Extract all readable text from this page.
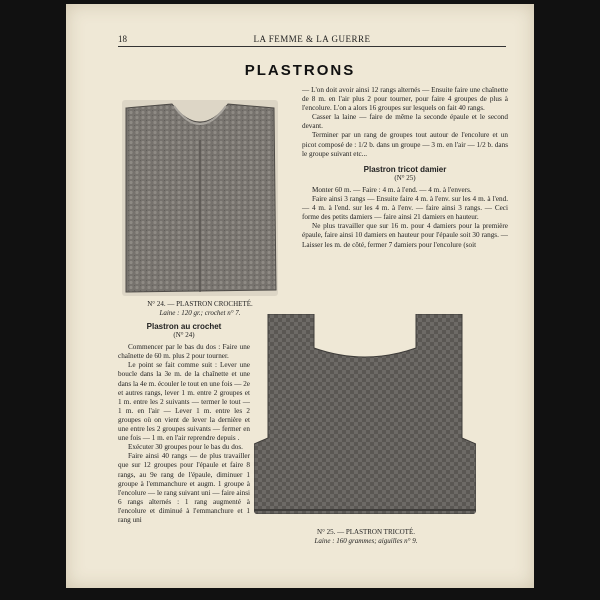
18	LA FEMME & LA GUERRE
PLASTRONS
N° 24. — PLASTRON CROCHETÉ.
Laine : 120 gr.; crochet n° 7.

— L'on doit avoir ainsi 12 rangs alternés — Ensuite faire une chaînette de 8 m. en l'air plus 2 pour tourner, pour faire 4 groupes de plus à l'encolure. L'on a alors 16 groupes sur lesquels on fait 40 rangs.

Casser la laine — faire de même la seconde épaule et le second devant.

Terminer par un rang de groupes tout autour de l'encolure et un picot composé de : 1/2 b. dans un groupe — 3 m. en l'air — 1/2 b. dans le groupe suivant etc...

Plastron tricot damier
(N° 25)

Monter 60 m. — Faire : 4 m. à l'end. — 4 m. à l'envers.

Faire ainsi 3 rangs — Ensuite faire 4 m. à l'env. sur les 4 m. à l'end. — 4 m. à l'end. sur les 4 m. à l'env. — faire ainsi 3 rangs. — Ceci forme des petits damiers — faire ainsi 21 damiers en hauteur.

Ne plus travailler que sur 16 m. pour 4 damiers pour la première épaule, faire ainsi 10 damiers en hauteur pour l'épaule soit 30 rangs. — Laisser les m. de côté, fermer 7 damiers pour l'encolure (soit

Plastron au crochet
(N° 24)

Commencer par le bas du dos : Faire une chaînette de 60 m. plus 2 pour tourner.

Le point se fait comme suit : Lever une boucle dans la 3e m. de la chaînette et une dans la 4e m. écouler le tout en une fois — 2e et autres rangs, lever 1 m. entre 2 groupes et 1 m. entre les 2 suivants — termer le tout — 1 m. en l'air — Lever 1 m. entre les 2 groupes où on vient de lever la dernière et une entre les 2 groupes suivants — fermer en une fois — 1 m. en l'air reprendre depuis .

Exécuter 30 groupes pour le bas du dos.

Faire ainsi 40 rangs — de plus travailler que sur 12 groupes pour l'épaule et faire 8 rangs, au 9e rang de l'épaule, diminuer 1 groupe à l'emmanchure et augm. 1 groupe à l'encolure — le rang suivant uni — faire ainsi 6 rangs alternés : 1 rang augmenté à l'encolure et diminué à l'emmanchure et 1 rang uni

N° 25. — PLASTRON TRICOTÉ.
Laine : 160 grammes; aiguilles n° 9.
